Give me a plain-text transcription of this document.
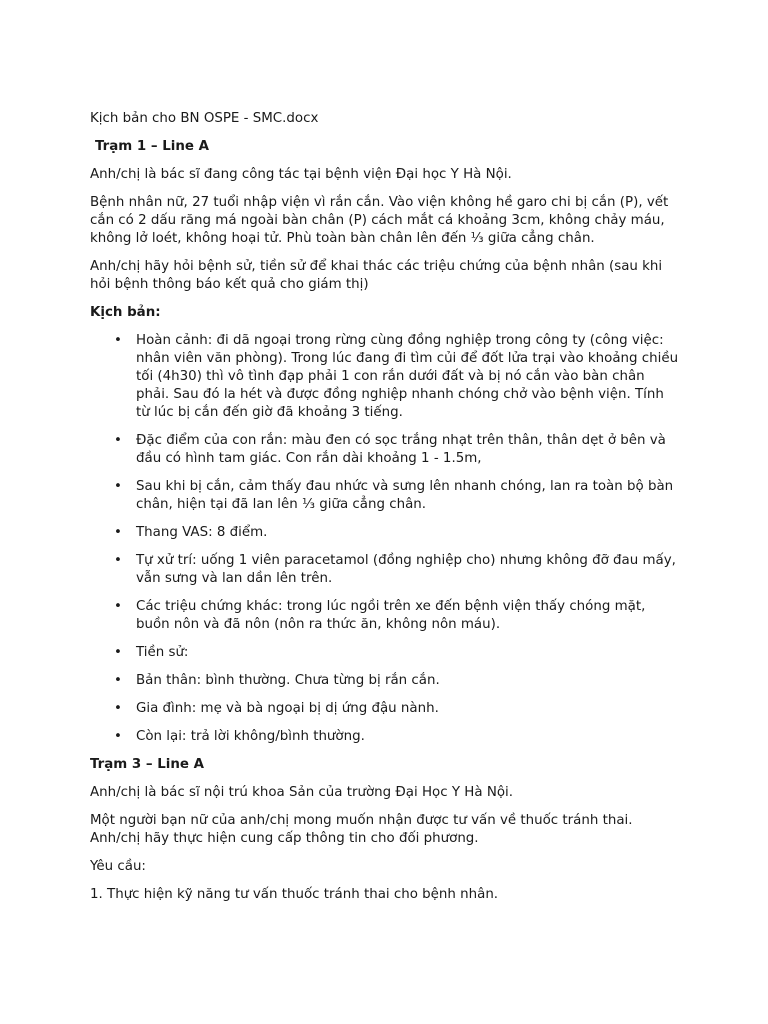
Kịch bản cho BN OSPE - SMC.docx

Trạm 1 – Line A

Anh/chị là bác sĩ đang công tác tại bệnh viện Đại học Y Hà Nội.

Bệnh nhân nữ, 27 tuổi nhập viện vì rắn cắn. Vào viện không hề garo chi bị cắn (P), vết cắn có 2 dấu răng má ngoài bàn chân (P) cách mắt cá khoảng 3cm, không chảy máu, không lở loét, không hoại tử. Phù toàn bàn chân lên đến ⅓ giữa cẳng chân.

Anh/chị hãy hỏi bệnh sử, tiền sử để khai thác các triệu chứng của bệnh nhân (sau khi hỏi bệnh thông báo kết quả cho giám thị)

Kịch bản:

• Hoàn cảnh: đi dã ngoại trong rừng cùng đồng nghiệp trong công ty (công việc: nhân viên văn phòng). Trong lúc đang đi tìm củi để đốt lửa trại vào khoảng chiều tối (4h30) thì vô tình đạp phải 1 con rắn dưới đất và bị nó cắn vào bàn chân phải. Sau đó la hét và được đồng nghiệp nhanh chóng chở vào bệnh viện. Tính từ lúc bị cắn đến giờ đã khoảng 3 tiếng.
• Đặc điểm của con rắn: màu đen có sọc trắng nhạt trên thân, thân dẹt ở bên và đầu có hình tam giác. Con rắn dài khoảng 1 - 1.5m,
• Sau khi bị cắn, cảm thấy đau nhức và sưng lên nhanh chóng, lan ra toàn bộ bàn chân, hiện tại đã lan lên ⅓ giữa cẳng chân.
• Thang VAS: 8 điểm.
• Tự xử trí: uống 1 viên paracetamol (đồng nghiệp cho) nhưng không đỡ đau mấy, vẫn sưng và lan dần lên trên.
• Các triệu chứng khác: trong lúc ngồi trên xe đến bệnh viện thấy chóng mặt, buồn nôn và đã nôn (nôn ra thức ăn, không nôn máu).
• Tiền sử:
• Bản thân: bình thường. Chưa từng bị rắn cắn.
• Gia đình: mẹ và bà ngoại bị dị ứng đậu nành.
• Còn lại: trả lời không/bình thường.

Trạm 3 – Line A

Anh/chị là bác sĩ nội trú khoa Sản của trường Đại Học Y Hà Nội.

Một người bạn nữ của anh/chị mong muốn nhận được tư vấn về thuốc tránh thai. Anh/chị hãy thực hiện cung cấp thông tin cho đối phương.

Yêu cầu:

1. Thực hiện kỹ năng tư vấn thuốc tránh thai cho bệnh nhân.
